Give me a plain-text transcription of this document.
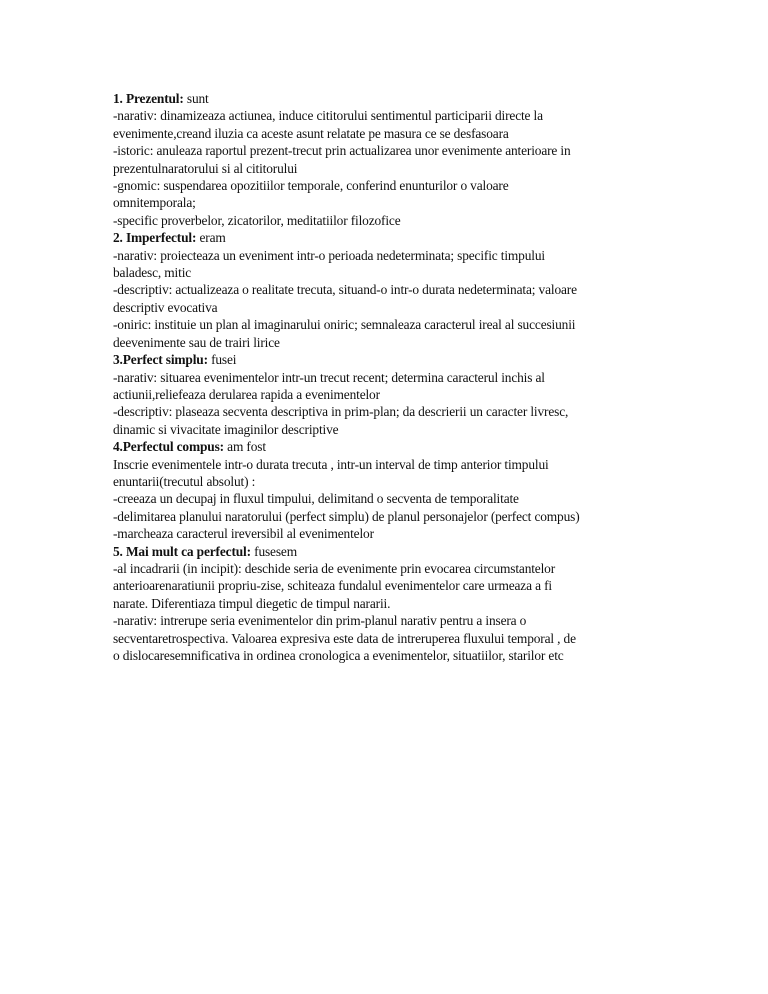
1. Prezentul: sunt
-narativ: dinamizeaza actiunea, induce cititorului sentimentul participarii directe la
evenimente,creand iluzia ca aceste asunt relatate pe masura ce se desfasoara
-istoric: anuleaza raportul prezent-trecut prin actualizarea unor evenimente anterioare in
prezentulnaratorului si al cititorului
-gnomic: suspendarea opozitiilor temporale, conferind enunturilor o valoare
omnitemporala;
-specific proverbelor, zicatorilor, meditatiilor filozofice
2. Imperfectul: eram
-narativ: proiecteaza un eveniment intr-o perioada nedeterminata; specific timpului
baladesc, mitic
-descriptiv: actualizeaza o realitate trecuta, situand-o intr-o durata nedeterminata; valoare
descriptiv evocativa
-oniric: instituie un plan al imaginarului oniric; semnaleaza caracterul ireal al succesiunii
deevenimente sau de trairi lirice
3.Perfect simplu: fusei
-narativ: situarea evenimentelor intr-un trecut recent; determina caracterul inchis al
actiunii,reliefeaza derularea rapida a evenimentelor
-descriptiv: plaseaza secventa descriptiva in prim-plan; da descrierii un caracter livresc,
dinamic si vivacitate imaginilor descriptive
4.Perfectul compus: am fost
Inscrie evenimentele intr-o durata trecuta , intr-un interval de timp anterior timpului
enuntarii(trecutul absolut) :
-creeaza un decupaj in fluxul timpului, delimitand o secventa de temporalitate
-delimitarea planului naratorului (perfect simplu) de planul personajelor (perfect compus)
-marcheaza caracterul ireversibil al evenimentelor
5. Mai mult ca perfectul: fusesem
-al incadrarii (in incipit): deschide seria de evenimente prin evocarea circumstantelor
anterioarenaratiunii propriu-zise, schiteaza fundalul evenimentelor care urmeaza a fi
narate. Diferentiaza timpul diegetic de timpul nararii.
-narativ: intrerupe seria evenimentelor din prim-planul narativ pentru a insera o
secventaretrospectiva. Valoarea expresiva este data de intreruperea fluxului temporal , de
o dislocaresemnificativa in ordinea cronologica a evenimentelor, situatiilor, starilor etc
